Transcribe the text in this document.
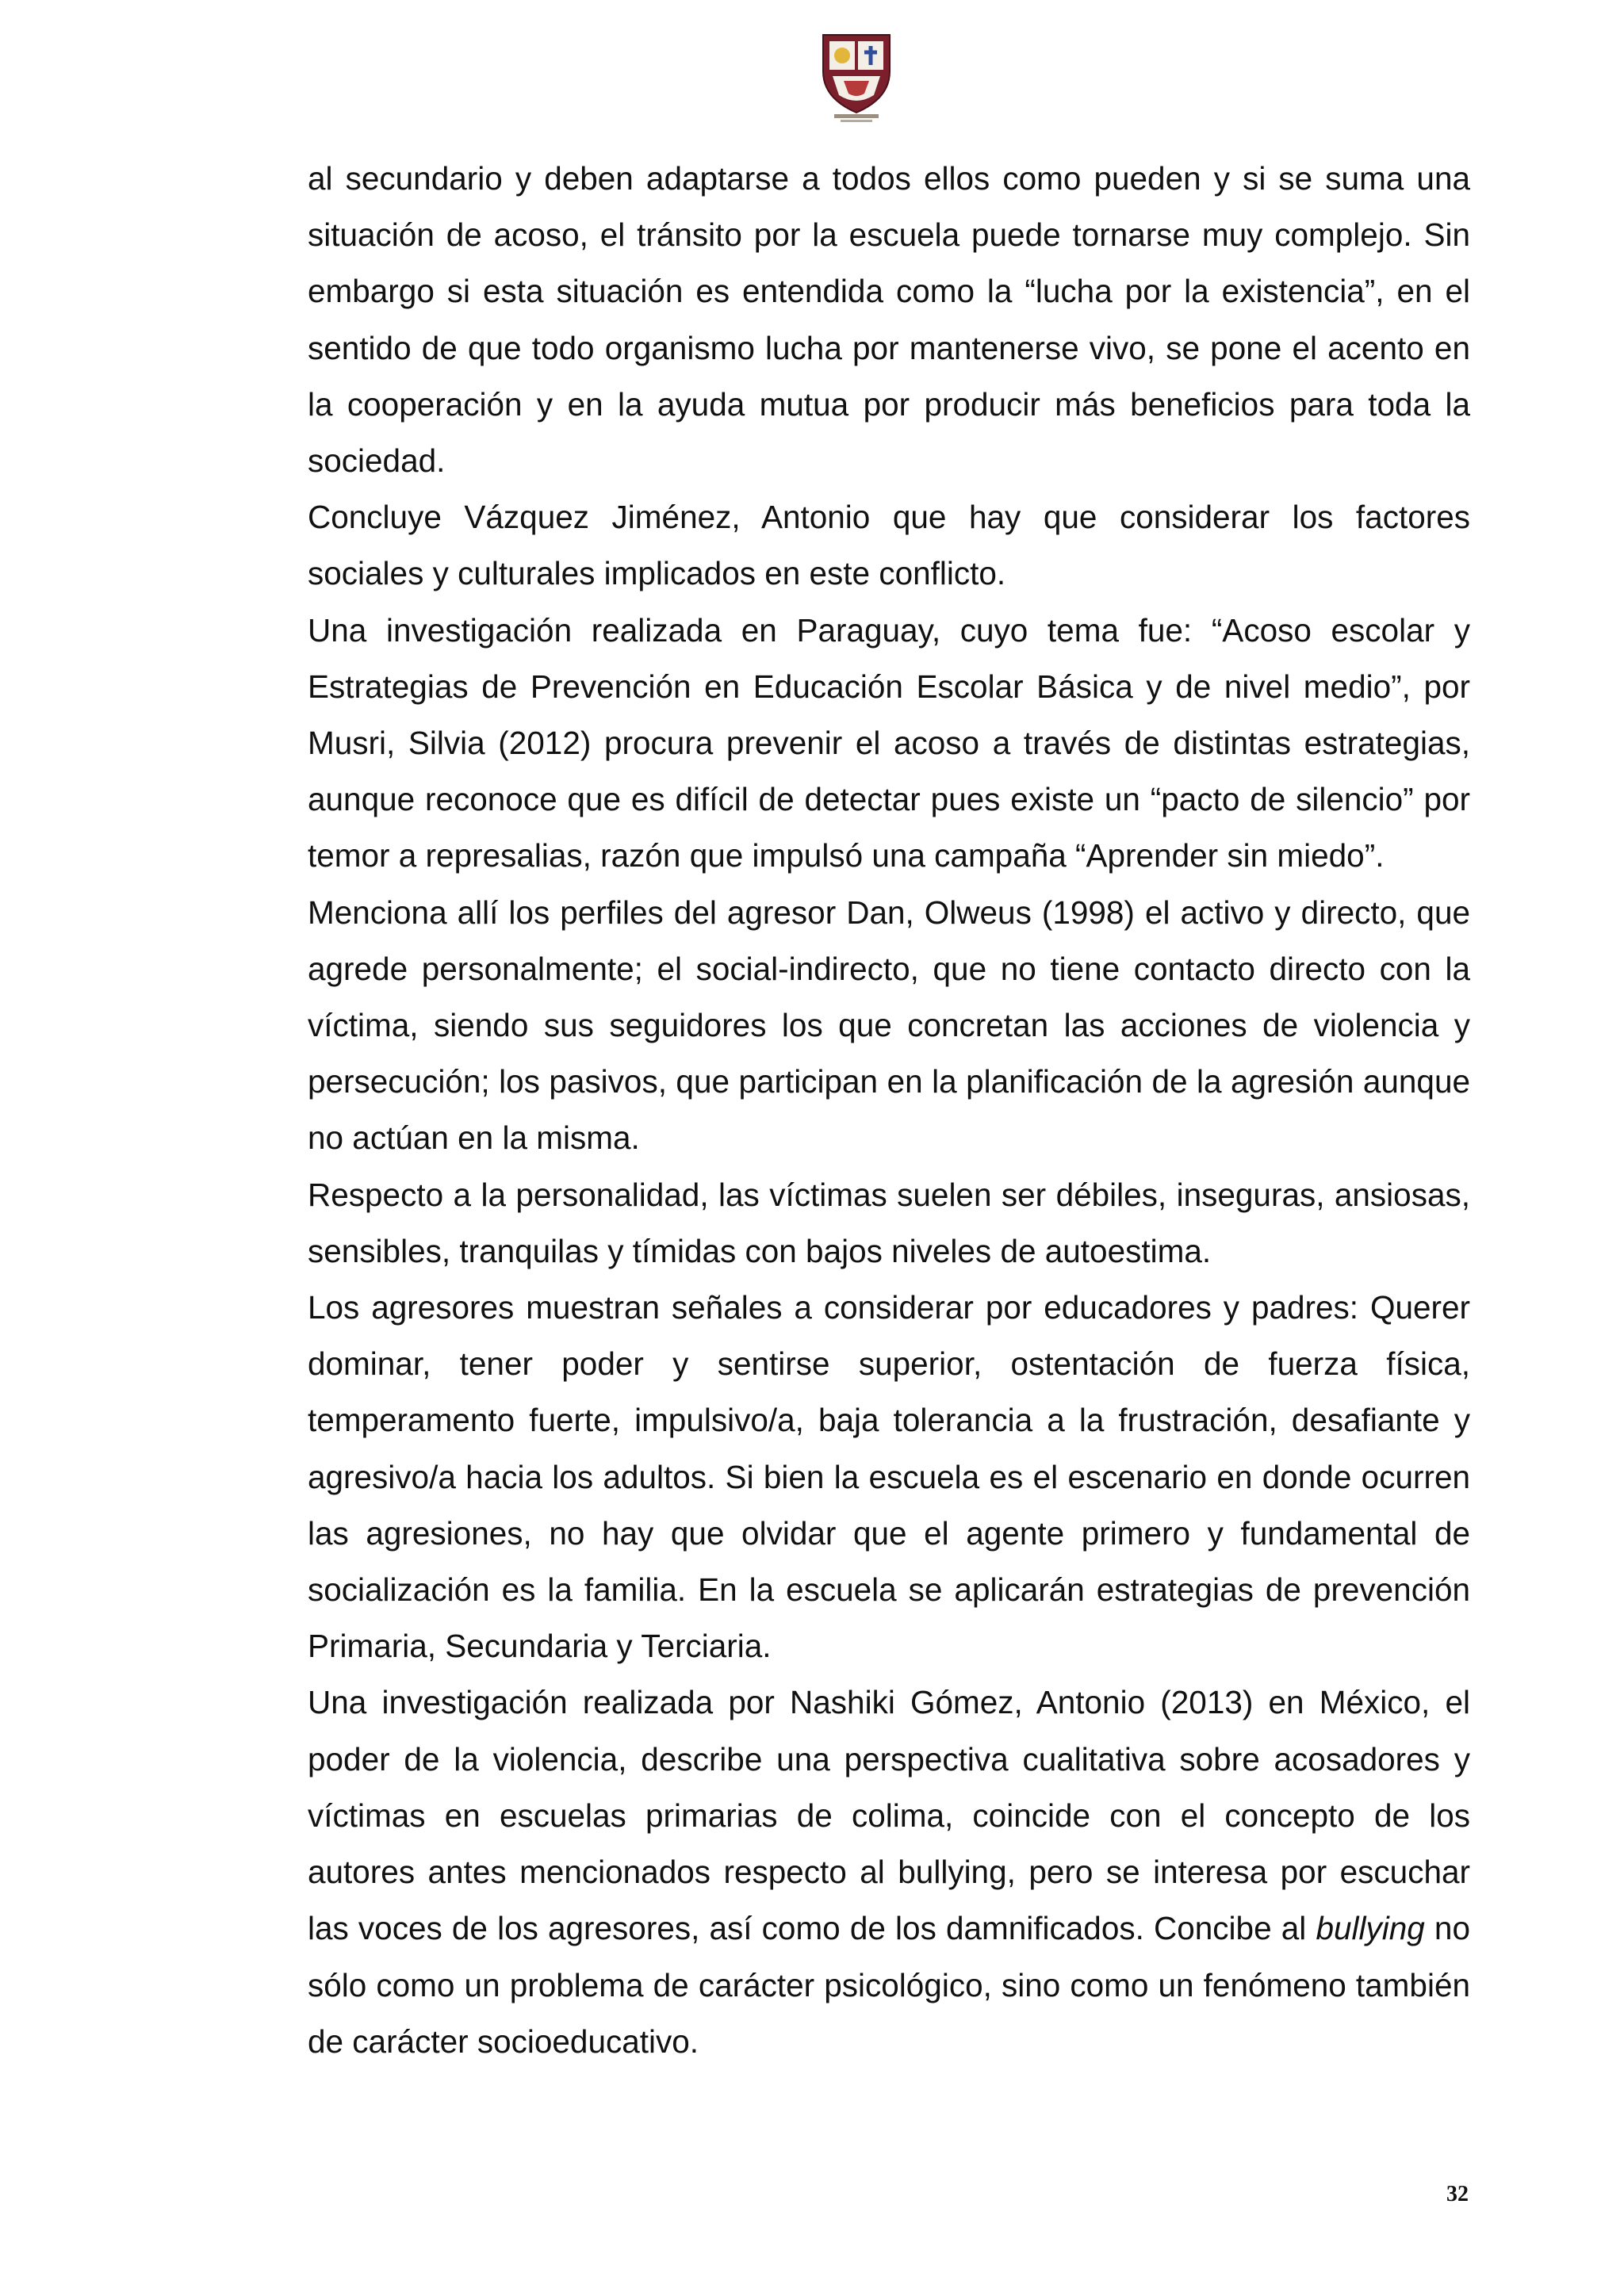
al secundario y deben adaptarse a todos ellos como pueden y si se suma una situación de acoso, el tránsito por la escuela puede tornarse muy complejo. Sin embargo si esta situación es entendida como la “lucha por la existencia”, en el sentido de que todo organismo lucha por mantenerse vivo, se pone el acento en la cooperación y en la ayuda mutua por producir más beneficios para toda la sociedad.

Concluye Vázquez Jiménez, Antonio que hay que considerar los factores sociales y culturales implicados en este conflicto.

Una investigación realizada en Paraguay, cuyo tema fue: “Acoso escolar y Estrategias de Prevención en Educación Escolar Básica y de nivel medio”, por Musri, Silvia (2012) procura prevenir el acoso a través de distintas estrategias, aunque reconoce que es difícil de detectar pues existe un “pacto de silencio” por temor a represalias, razón que impulsó una campaña “Aprender sin miedo”.

Menciona allí los perfiles del agresor Dan, Olweus (1998) el activo y directo, que agrede personalmente; el social-indirecto, que no tiene contacto directo con la víctima, siendo sus seguidores los que concretan las acciones de violencia y persecución; los pasivos, que participan en la planificación de la agresión aunque no actúan en la misma.

Respecto a la personalidad, las víctimas suelen ser débiles, inseguras, ansiosas, sensibles, tranquilas y tímidas con bajos niveles de autoestima.

Los agresores muestran señales a considerar por educadores y padres: Querer dominar, tener poder y sentirse superior, ostentación de fuerza física, temperamento fuerte, impulsivo/a, baja tolerancia a la frustración, desafiante y agresivo/a hacia los adultos. Si bien la escuela es el escenario en donde ocurren las agresiones, no hay que olvidar que el agente primero y fundamental de socialización es la familia. En la escuela se aplicarán estrategias de prevención Primaria, Secundaria y Terciaria.

Una investigación realizada por Nashiki Gómez, Antonio (2013) en México, el poder de la violencia, describe una perspectiva cualitativa sobre acosadores y víctimas en escuelas primarias de colima, coincide con el concepto de los autores antes mencionados respecto al bullying, pero se interesa por escuchar las voces de los agresores, así como de los damnificados. Concibe al bullying no sólo como un problema de carácter psicológico, sino como un fenómeno también de carácter socioeducativo.

32
